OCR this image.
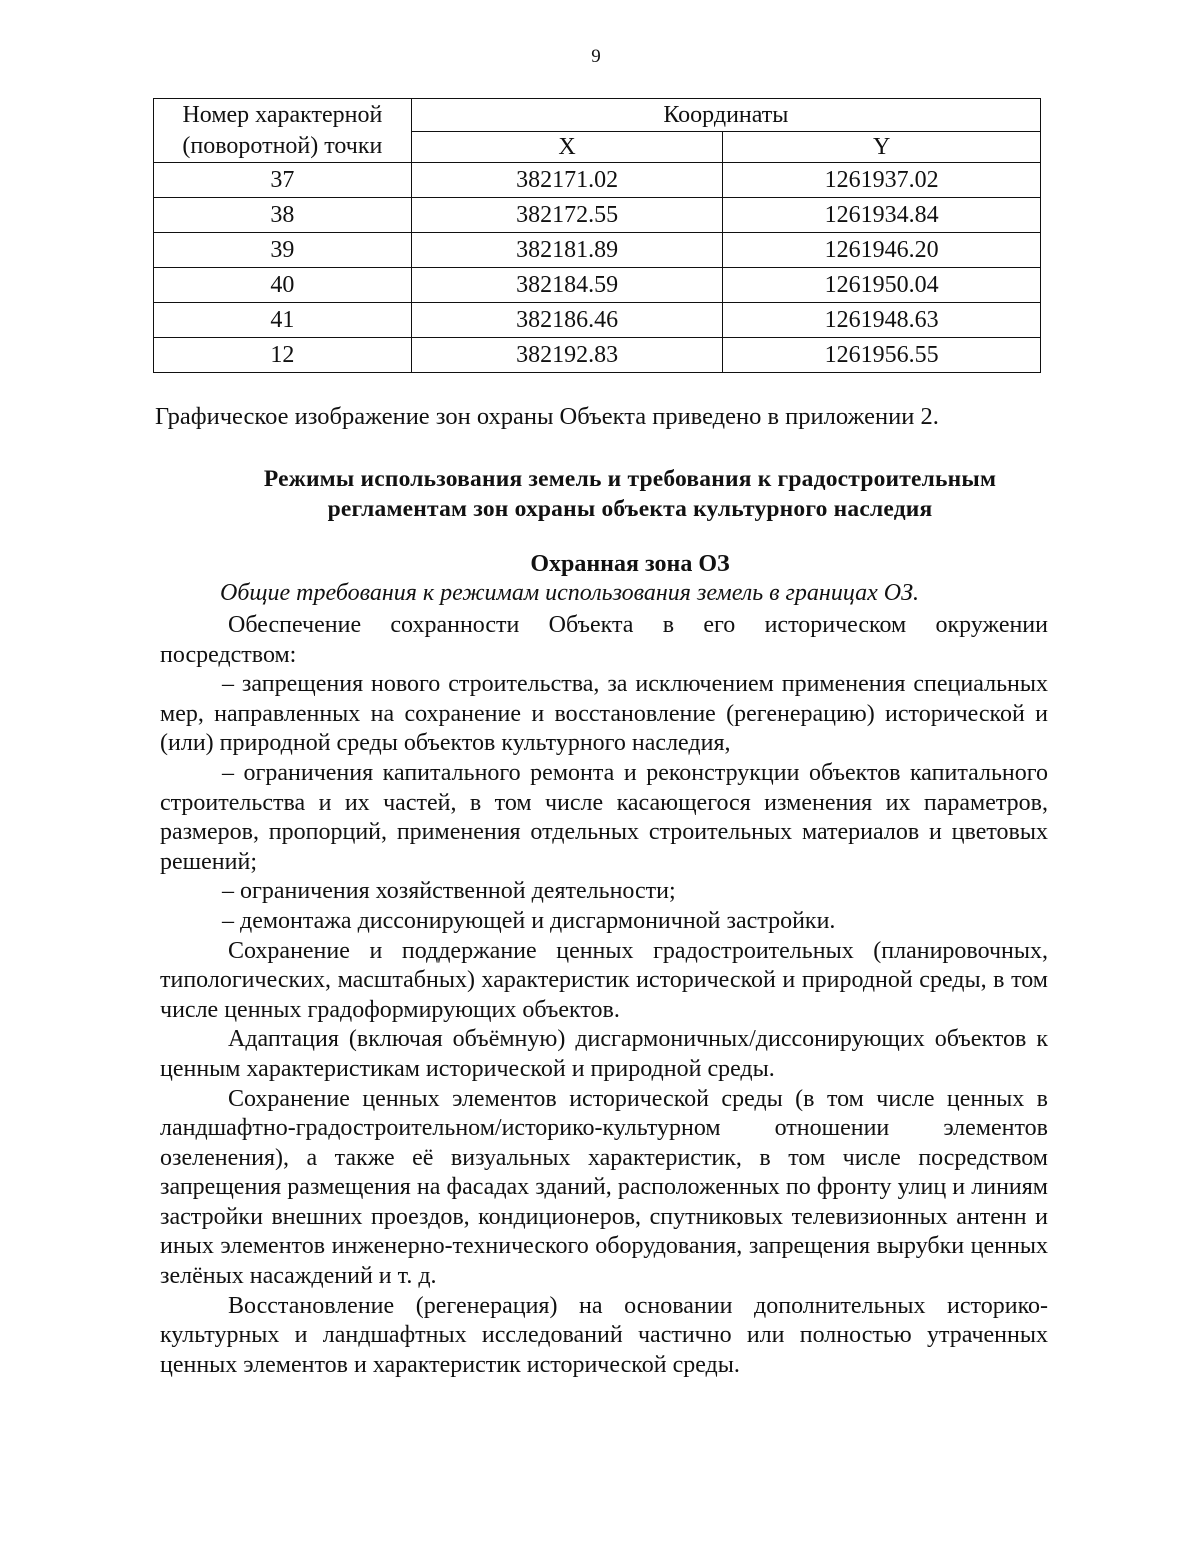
9
Номер характерной
(поворотной) точки	Координаты	
	X	Y
37	382171.02	1261937.02
38	382172.55	1261934.84
39	382181.89	1261946.20
40	382184.59	1261950.04
41	382186.46	1261948.63
12	382192.83	1261956.55
Графическое изображение зон охраны Объекта приведено в приложении 2.
Режимы использования земель и требования к градостроительным
регламентам зон охраны объекта культурного наследия
Охранная зона ОЗ
Общие требования к режимам использования земель в границах ОЗ.

Обеспечение сохранности Объекта в его историческом окружении посредством:

– запрещения нового строительства, за исключением применения специальных мер, направленных на сохранение и восстановление (регенерацию) исторической и (или) природной среды объектов культурного наследия,

– ограничения капитального ремонта и реконструкции объектов капитального строительства и их частей, в том числе касающегося изменения их параметров, размеров, пропорций, применения отдельных строительных материалов и цветовых решений;

– ограничения хозяйственной деятельности;

– демонтажа диссонирующей и дисгармоничной застройки.

Сохранение и поддержание ценных градостроительных (планировочных, типологических, масштабных) характеристик исторической и природной среды, в том числе ценных градоформирующих объектов.

Адаптация (включая объёмную) дисгармоничных/диссонирующих объектов к ценным характеристикам исторической и природной среды.

Сохранение ценных элементов исторической среды (в том числе ценных в ландшафтно-градостроительном/историко-культурном отношении элементов озеленения), а также её визуальных характеристик, в том числе посредством запрещения размещения на фасадах зданий, расположенных по фронту улиц и линиям застройки внешних проездов, кондиционеров, спутниковых телевизионных антенн и иных элементов инженерно-технического оборудования, запрещения вырубки ценных зелёных насаждений и т. д.

Восстановление (регенерация) на основании дополнительных историко-культурных и ландшафтных исследований частично или полностью утраченных ценных элементов и характеристик исторической среды.
